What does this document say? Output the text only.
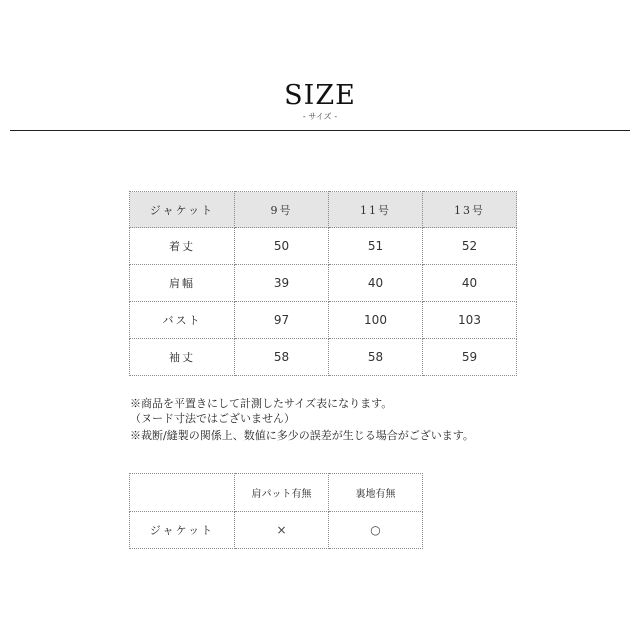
SIZE
- サイズ -
ジャケット	9号	11号	13号
着丈	50	51	52
肩幅	39	40	40
バスト	97	100	103
袖丈	58	58	59
※商品を平置きにして計測したサイズ表になります。
（ヌード寸法ではございません）
※裁断/縫製の関係上、数値に多少の誤差が生じる場合がございます。
	肩パット有無	裏地有無
ジャケット	×	○
